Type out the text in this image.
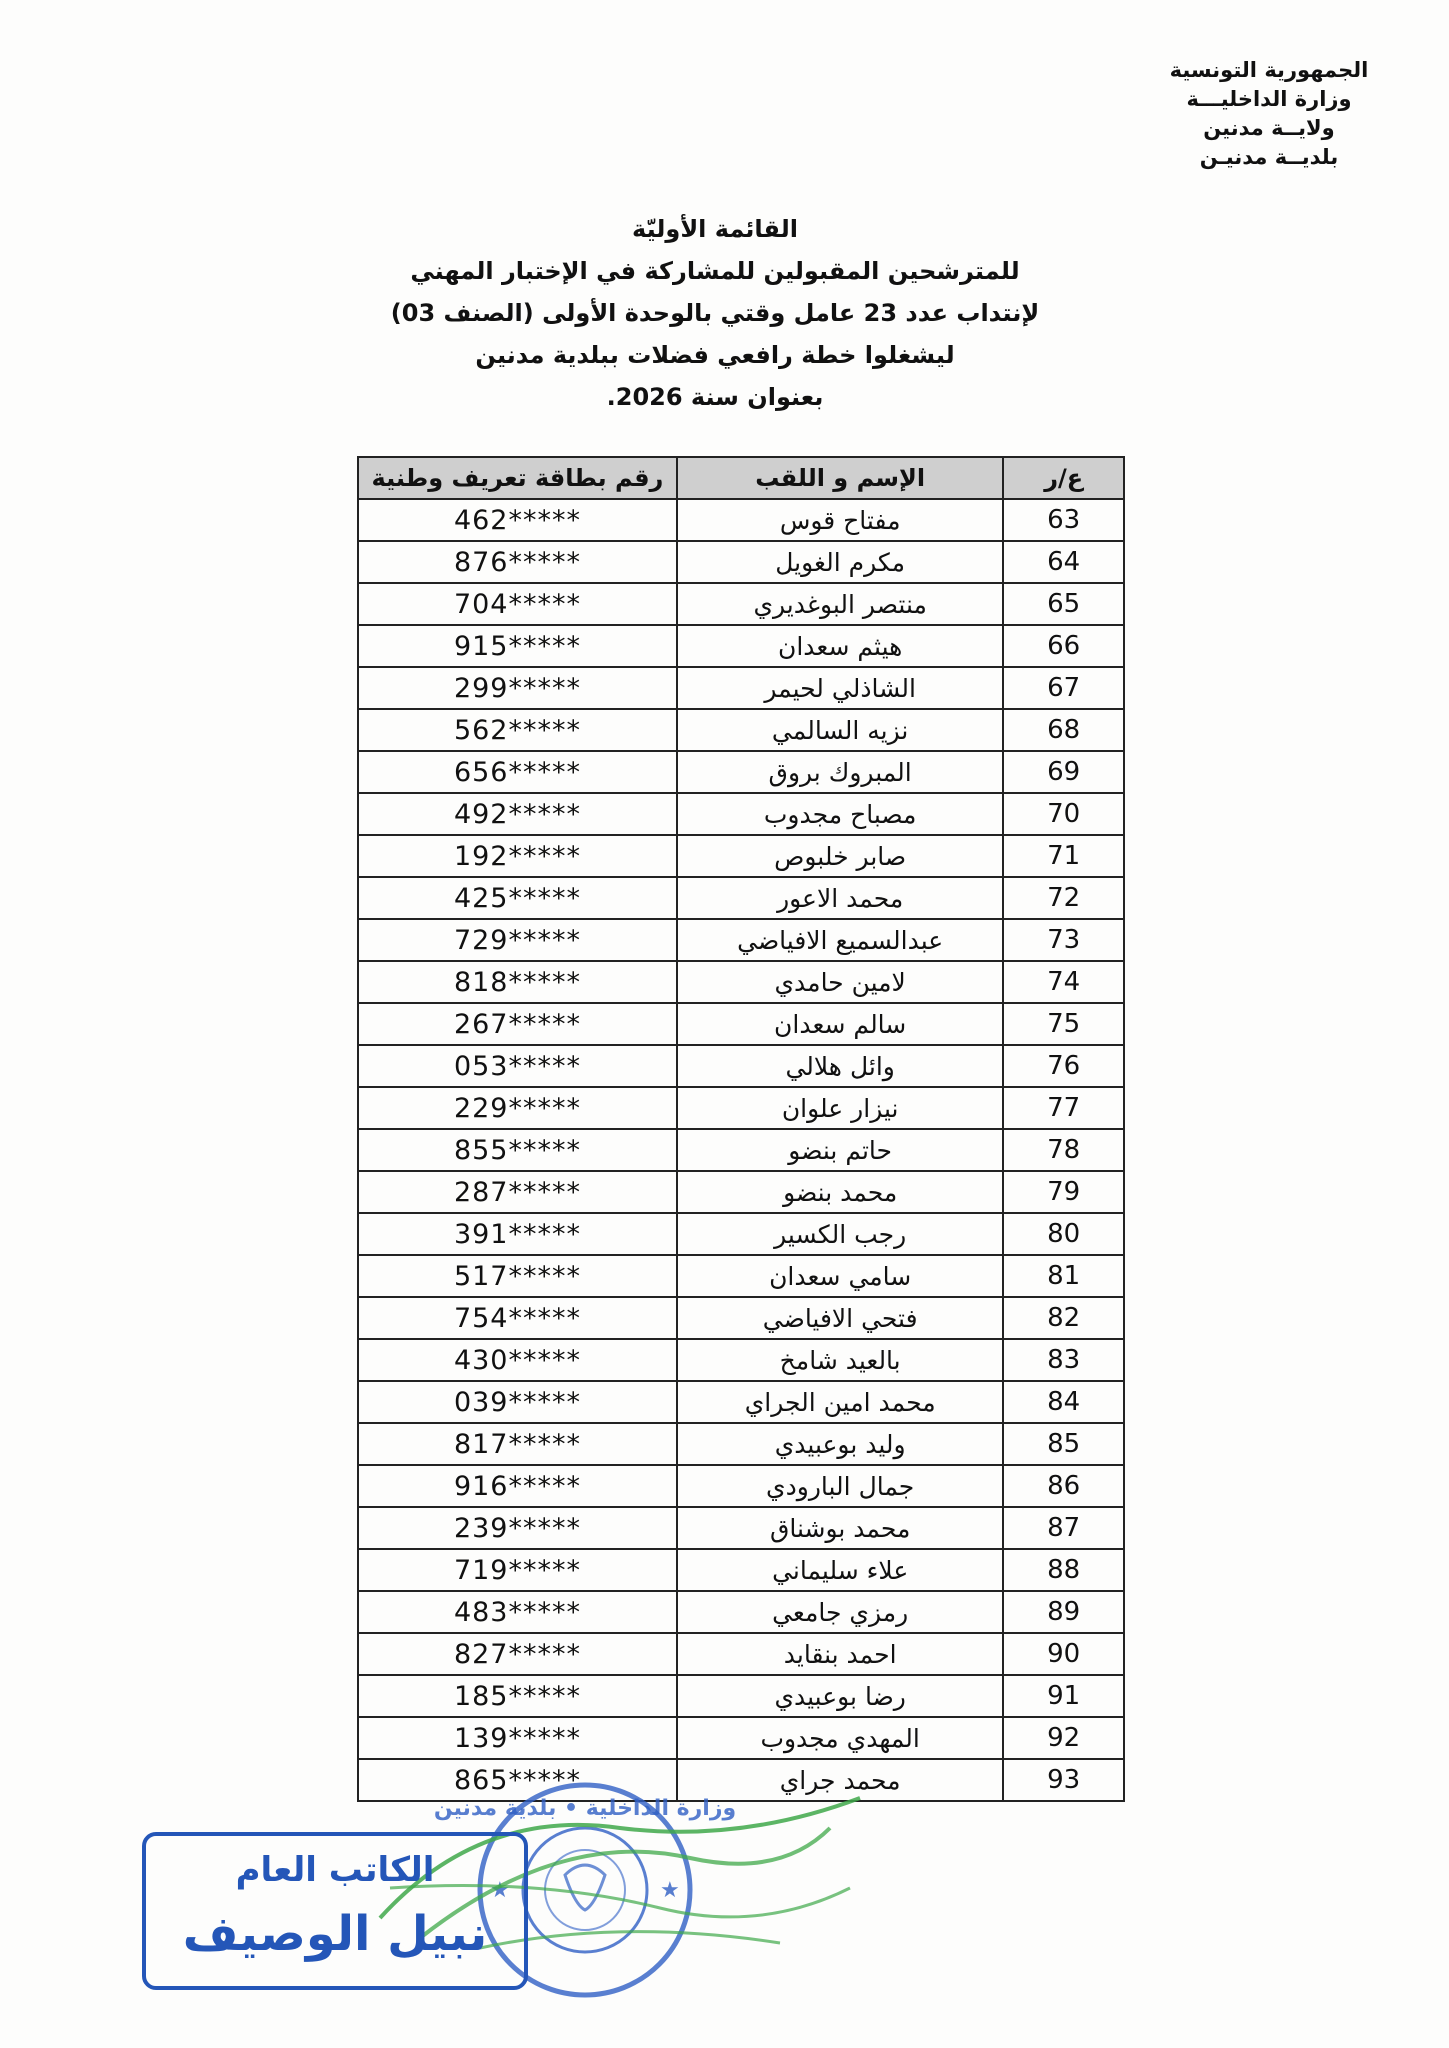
الجمهورية التونسية
وزارة الداخليـــة
ولايــة مدنين
بلديــة مدنيـن
القائمة الأوليّة
للمترشحين المقبولين للمشاركة في الإختبار المهني
لإنتداب عدد 23 عامل وقتي بالوحدة الأولى (الصنف 03)
ليشغلوا خطة رافعي فضلات ببلدية مدنين
بعنوان سنة 2026.
ع/ر	الإسم و اللقب	رقم بطاقة تعريف وطنية
63	مفتاح قوس	462*****
64	مكرم الغويل	876*****
65	منتصر البوغديري	704*****
66	هيثم سعدان	915*****
67	الشاذلي لحيمر	299*****
68	نزيه السالمي	562*****
69	المبروك بروق	656*****
70	مصباح مجدوب	492*****
71	صابر خلبوص	192*****
72	محمد الاعور	425*****
73	عبدالسميع الافياضي	729*****
74	لامين حامدي	818*****
75	سالم سعدان	267*****
76	وائل هلالي	053*****
77	نيزار علوان	229*****
78	حاتم بنضو	855*****
79	محمد بنضو	287*****
80	رجب الكسير	391*****
81	سامي سعدان	517*****
82	فتحي الافياضي	754*****
83	بالعيد شامخ	430*****
84	محمد امين الجراي	039*****
85	وليد بوعبيدي	817*****
86	جمال البارودي	916*****
87	محمد بوشناق	239*****
88	علاء سليماني	719*****
89	رمزي جامعي	483*****
90	احمد بنقايد	827*****
91	رضا بوعبيدي	185*****
92	المهدي مجدوب	139*****
93	محمد جراي	865*****
★	★
وزارة الداخلية • بلدية مدنين
الكاتب العام
نبيل الوصيف
